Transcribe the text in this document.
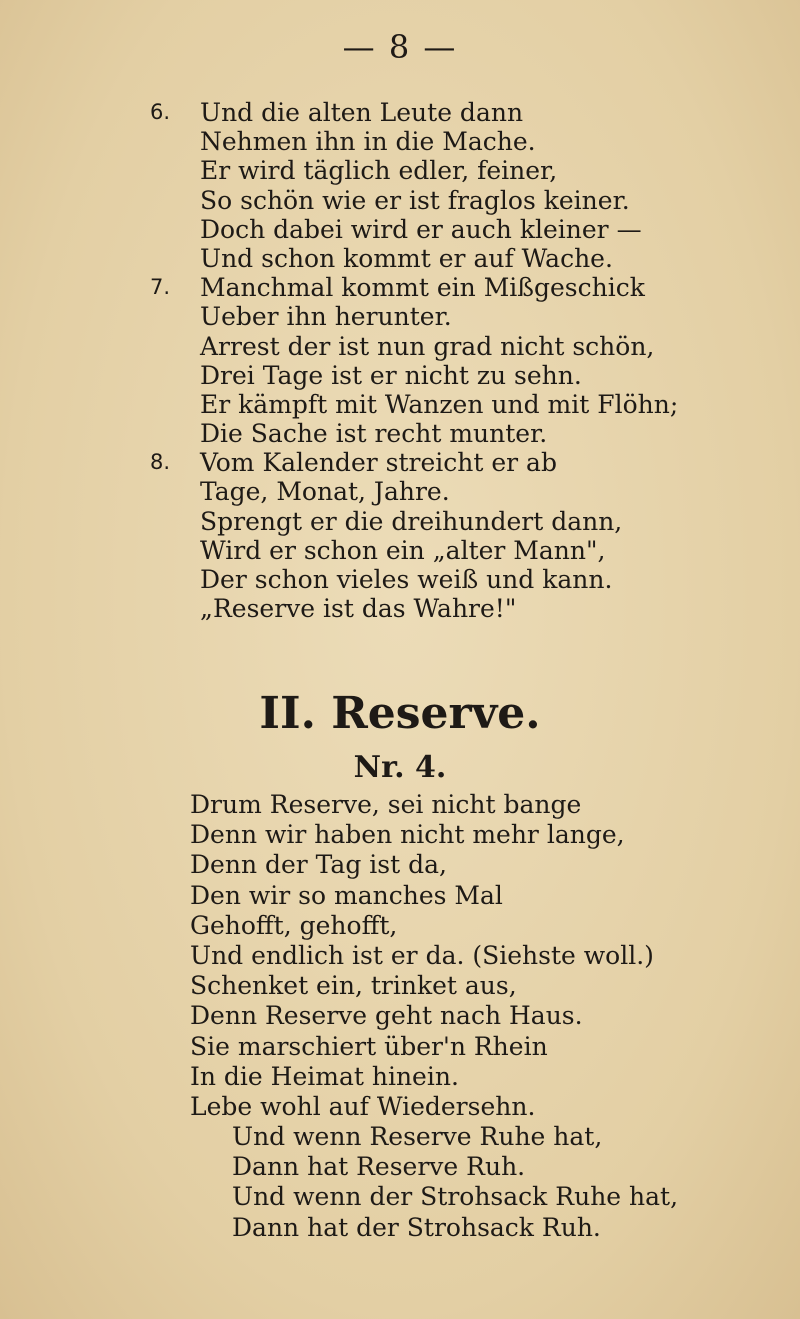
— 8 —
6.	Und die alten Leute dann
Nehmen ihn in die Mache.
Er wird täglich edler, feiner,
So schön wie er ist fraglos keiner.
Doch dabei wird er auch kleiner —
Und schon kommt er auf Wache.
7.	Manchmal kommt ein Mißgeschick
Ueber ihn herunter.
Arrest der ist nun grad nicht schön,
Drei Tage ist er nicht zu sehn.
Er kämpft mit Wanzen und mit Flöhn;
Die Sache ist recht munter.
8.	Vom Kalender streicht er ab
Tage, Monat, Jahre.
Sprengt er die dreihundert dann,
Wird er schon ein „alter Mann",
Der schon vieles weiß und kann.
„Reserve ist das Wahre!"
II. Reserve.
Nr. 4.
Drum Reserve, sei nicht bange
Denn wir haben nicht mehr lange,
Denn der Tag ist da,
Den wir so manches Mal
Gehofft, gehofft,
Und endlich ist er da. (Siehste woll.)
Schenket ein, trinket aus,
Denn Reserve geht nach Haus.
Sie marschiert über'n Rhein
In die Heimat hinein.
Lebe wohl auf Wiedersehn.
Und wenn Reserve Ruhe hat,
Dann hat Reserve Ruh.
Und wenn der Strohsack Ruhe hat,
Dann hat der Strohsack Ruh.
